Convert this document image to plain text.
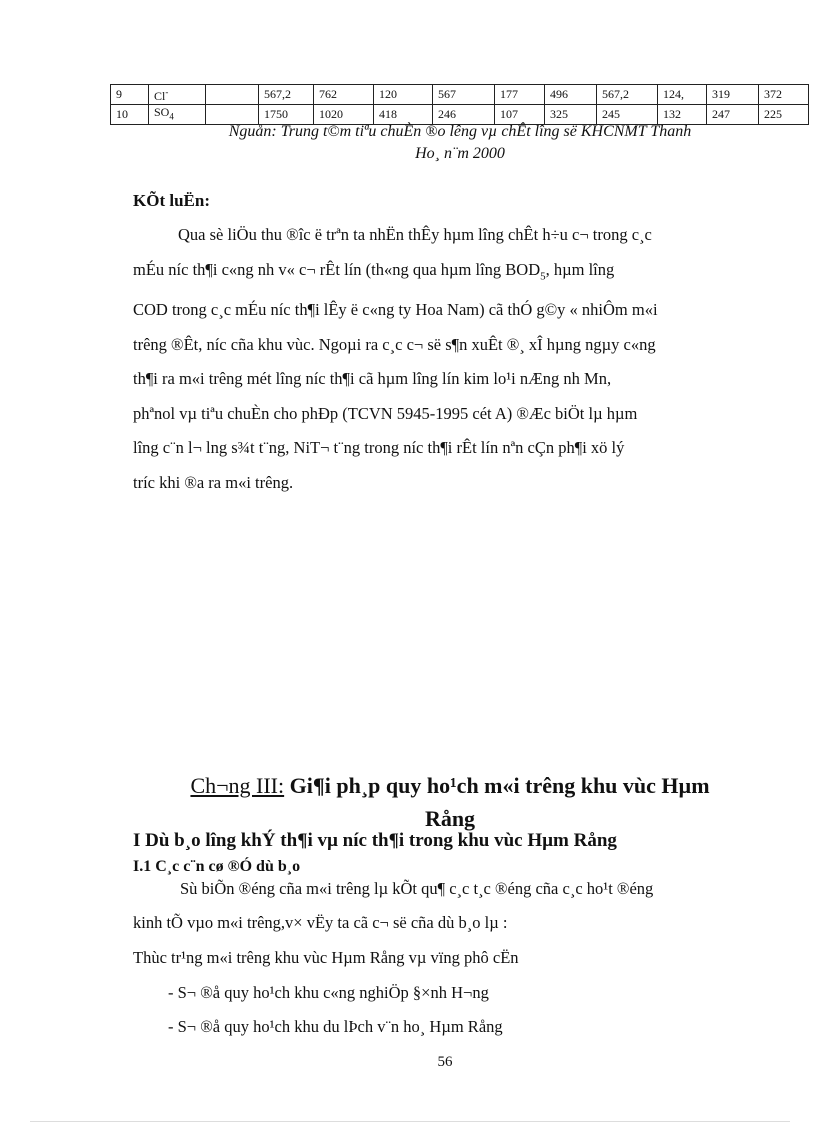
9	Cl-		567,2	762	120	567	177	496	567,2	124,	319	372
10	$SO_4$		1750	1020	418	246	107	325	245	132	247	225
Nguån: Trung t©m tiªu chuÈn ®o lêng vµ chÊt lîng së KHCNMT Thanh
Ho¸ n¨m 2000
KÕt luËn:
Qua sè liÖu thu ®îc ë trªn ta nhËn thÊy hµm lîng chÊt h÷u c¬ trong c¸c
mÉu níc th¶i c«ng nh v« c¬ rÊt lín (th«ng qua hµm lîng $BOD_5$, hµm lîng
COD trong c¸c mÉu níc th¶i lÊy ë c«ng ty Hoa Nam) cã thÓ g©y « nhiÔm m«i
trêng ®Êt, níc cña khu vùc. Ngoµi ra c¸c c¬ së s¶n xuÊt ®¸ xÎ hµng ngµy c«ng
th¶i ra m«i trêng mét lîng níc th¶i cã hµm lîng lín kim lo¹i nÆng nh Mn,
phªnol vµ tiªu chuÈn cho phÐp (TCVN 5945-1995 cét A) ®Æc biÖt lµ hµm
lîng c¨n l¬ lng s¾t t¨ng, NiT¬ t¨ng trong níc th¶i rÊt lín nªn cÇn ph¶i xö lý
tríc khi ®a ra m«i trêng.
Ch¬ng III: Gi¶i ph¸p quy ho¹ch m«i trêng khu vùc Hµm
Rång
I Dù b¸o lîng khÝ th¶i vµ níc th¶i trong khu vùc Hµm Rång
I.1 C¸c c¨n cø ®Ó dù b¸o
Sù biÕn ®éng cña m«i trêng lµ kÕt qu¶ c¸c t¸c ®éng cña c¸c ho¹t ®éng
kinh tÕ vµo m«i trêng,v× vËy ta cã c¬ së cña dù b¸o lµ :
Thùc tr¹ng m«i trêng khu vùc Hµm Rång vµ vïng phô cËn
- S¬ ®å quy ho¹ch khu c«ng nghiÖp §×nh H¬ng
- S¬ ®å quy ho¹ch khu du lÞch v¨n ho¸ Hµm Rång
56
